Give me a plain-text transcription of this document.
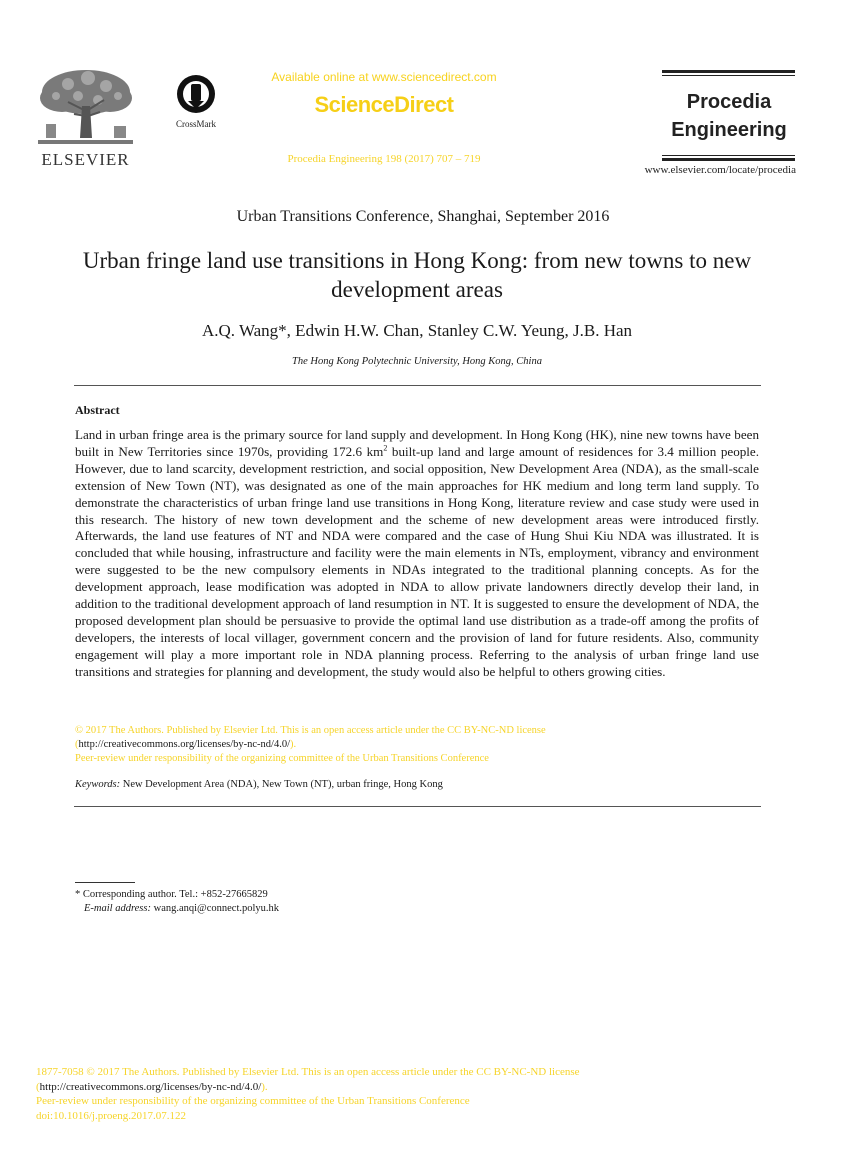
ELSEVIER
CrossMark
Available online at www.sciencedirect.com
ScienceDirect
Procedia Engineering 198 (2017) 707 – 719
Procedia
Engineering
www.elsevier.com/locate/procedia
Urban Transitions Conference, Shanghai, September 2016
Urban fringe land use transitions in Hong Kong: from new towns to new development areas
A.Q. Wang*, Edwin H.W. Chan, Stanley C.W. Yeung, J.B. Han
The Hong Kong Polytechnic University, Hong Kong, China
Abstract
Land in urban fringe area is the primary source for land supply and development. In Hong Kong (HK), nine new towns have been built in New Territories since 1970s, providing 172.6 $km^2$ built-up land and large amount of residences for 3.4 million people. However, due to land scarcity, development restriction, and social opposition, New Development Area (NDA), as the small-scale extension of New Town (NT), was designated as one of the main approaches for HK medium and long term land supply. To demonstrate the characteristics of urban fringe land use transitions in Hong Kong, literature review and case study were used in this research. The history of new town development and the scheme of new development areas were introduced firstly. Afterwards, the land use features of NT and NDA were compared and the case of Hung Shui Kiu NDA was illustrated. It is concluded that while housing, infrastructure and facility were the main elements in NTs, employment, vibrancy and environment were suggested to be the new compulsory elements in NDAs integrated to the traditional planning concepts. As for the development approach, lease modification was adopted in NDA to allow private landowners directly develop their land, in addition to the traditional development approach of land resumption in NT. It is suggested to ensure the development of NDA, the proposed development plan should be persuasive to provide the optimal land use distribution as a trade-off among the profits of developers, the interests of local villager, government concern and the provision of land for future residents. Also, community engagement will play a more important role in NDA planning process. Referring to the analysis of urban fringe land use transitions and strategies for planning and development, the study would also be helpful to others growing cities.
© 2017 The Authors. Published by Elsevier Ltd. This is an open access article under the CC BY-NC-ND license
(http://creativecommons.org/licenses/by-nc-nd/4.0/).
Peer-review under responsibility of the organizing committee of the Urban Transitions Conference
Keywords: New Development Area (NDA), New Town (NT), urban fringe, Hong Kong
* Corresponding author. Tel.: +852-27665829
E-mail address: wang.anqi@connect.polyu.hk
1877-7058 © 2017 The Authors. Published by Elsevier Ltd. This is an open access article under the CC BY-NC-ND license
(http://creativecommons.org/licenses/by-nc-nd/4.0/).
Peer-review under responsibility of the organizing committee of the Urban Transitions Conference
doi:10.1016/j.proeng.2017.07.122
